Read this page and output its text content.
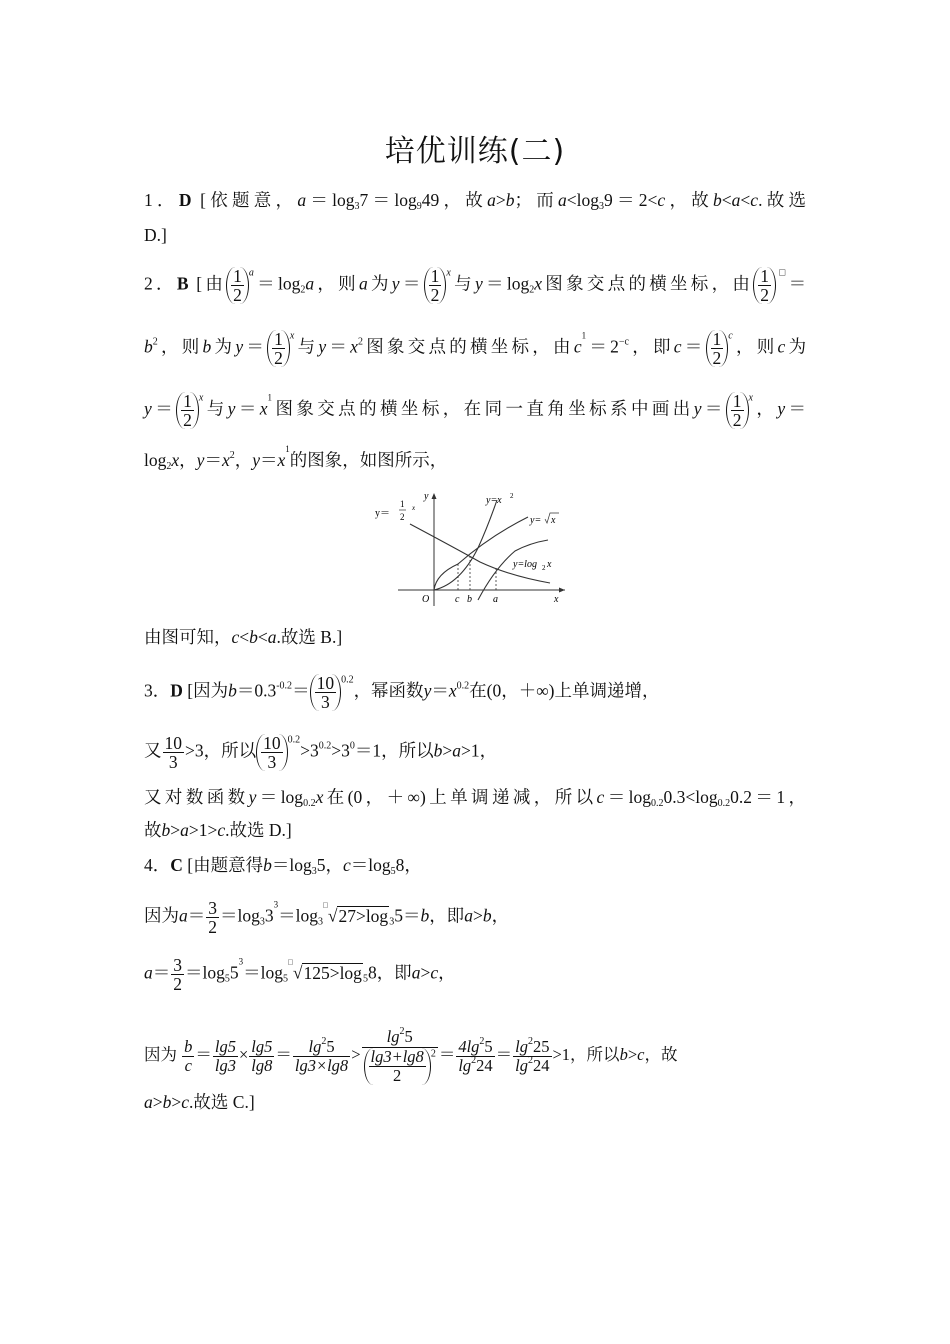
培优训练(二)
1．D [依题意，$a=\log_37=\log_949$，故a>b；而$a<\log_39=2<c$，故b<a<c.故选
D.]
2．B [由 $\frac{1}{2} ^a=\log_2a$，则a为$y= \frac{1}{2} ^x$与$y=\log_2x$图象交点的横坐标，由 $\frac{1}{2} ^□=$
$b^2$，则b为$y= \frac{1}{2} ^x$与$y=x^2$图象交点的横坐标，由$c^1=2^{-c}$，即$c= \frac{1}{2} ^c$，则c为
$y= \frac{1}{2} ^x$与$y=x^1$图象交点的横坐标，在同一直角坐标系中画出$y= \frac{1}{2} ^x$，y＝
$\log_2x$，$y=x^2$，$y=x^1$的图象，如图所示，
y＝
1
2
x
y=x 2
y= x
y=log 2 x
y
x
O	c b a
由图可知，c<b<a.故选 B.]
3．D [因为$b=0.3^{-0.2}= \frac{10}{3} ^{0.2}$，幂函数$y=x^{0.2}$在(0，＋∞)上单调递增，
又 $\frac{10}{3} >3$，所以 $\frac{10}{3} ^{0.2}>3^{0.2}>3^0=1$，所以b>a>1，
又对数函数$y=\log_{0.2}x$在(0，＋∞)上单调递减，所以$c=\log_{0.2}0.3<\log_{0.2}0.2=1$，
故b>a>1>c.故选 D.]
4．C [由题意得$b=\log_35$，$c=\log_58$，
因为$a= \frac{3}{2} =\log_33^3=\log_3^□√27>\log_35=b$，即a>b，
$a= \frac{3}{2} =\log_55^3=\log_5^□√125>\log_58$，即a>c，
因为 $\frac{b}{c} = \frac{\lg 5}{\lg 3} \times \frac{\lg 5}{\lg 8} = \frac{\lg^25}{\lg 3\times\lg 8} > \frac{\lg^25}{\frac{\lg 3+\lg 8}{2} ^2} = \frac{4\lg^25}{\lg^224} = \frac{\lg^225}{\lg^224} >1$，所以b>c，故
a>b>c.故选 C.]
